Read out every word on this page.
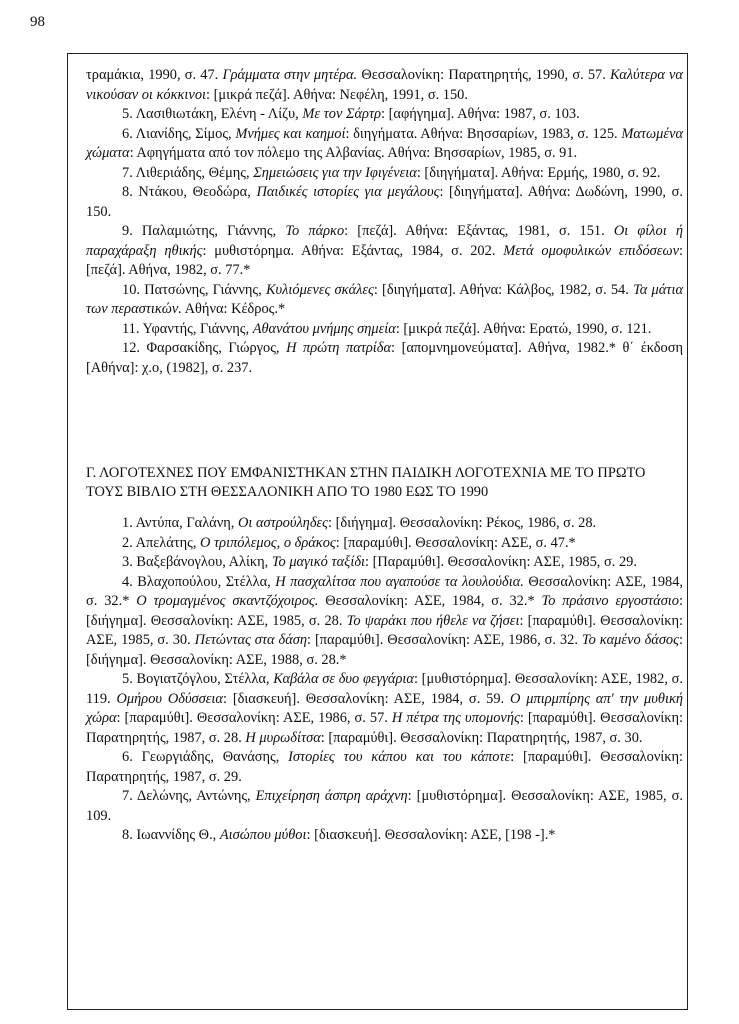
98

τραμάκια, 1990, σ. 47. Γράμματα στην μητέρα. Θεσσαλονίκη: Παρατηρητής, 1990, σ. 57. Καλύτερα να νικούσαν οι κόκκινοι: [μικρά πεζά]. Αθήνα: Νεφέλη, 1991, σ. 150.

5. Λασιθιωτάκη, Ελένη - Λίζυ, Με τον Σάρτρ: [αφήγημα]. Αθήνα: 1987, σ. 103.

6. Λιανίδης, Σίμος, Μνήμες και καημοί: διηγήματα. Αθήνα: Βησσαρίων, 1983, σ. 125. Ματωμένα χώματα: Αφηγήματα από τον πόλεμο της Αλβανίας. Αθήνα: Βησσαρίων, 1985, σ. 91.

7. Λιθεριάδης, Θέμης, Σημειώσεις για την Ιφιγένεια: [διηγήματα]. Αθήνα: Ερμής, 1980, σ. 92.

8. Ντάκου, Θεοδώρα, Παιδικές ιστορίες για μεγάλους: [διηγήματα]. Αθήνα: Δωδώνη, 1990, σ. 150.

9. Παλαμιώτης, Γιάννης, Το πάρκο: [πεζά]. Αθήνα: Εξάντας, 1981, σ. 151. Οι φίλοι ή παραχάραξη ηθικής: μυθιστόρημα. Αθήνα: Εξάντας, 1984, σ. 202. Μετά ομοφυλικών επιδόσεων: [πεζά]. Αθήνα, 1982, σ. 77.*

10. Πατσώνης, Γιάννης, Κυλιόμενες σκάλες: [διηγήματα]. Αθήνα: Κάλβος, 1982, σ. 54. Τα μάτια των περαστικών. Αθήνα: Κέδρος.*

11. Υφαντής, Γιάννης, Αθανάτου μνήμης σημεία: [μικρά πεζά]. Αθήνα: Ερατώ, 1990, σ. 121.

12. Φαρσακίδης, Γιώργος, Η πρώτη πατρίδα: [απομνημονεύματα]. Αθήνα, 1982.* θ΄ έκδοση [Αθήνα]: χ.ο, (1982], σ. 237.

Γ. ΛΟΓΟΤΕΧΝΕΣ ΠΟΥ ΕΜΦΑΝΙΣΤΗΚΑΝ ΣΤΗΝ ΠΑΙΔΙΚΗ ΛΟΓΟΤΕΧΝΙΑ ΜΕ ΤΟ ΠΡΩΤΟ ΤΟΥΣ ΒΙΒΛΙΟ ΣΤΗ ΘΕΣΣΑΛΟΝΙΚΗ ΑΠΟ ΤΟ 1980 ΕΩΣ ΤΟ 1990

1. Αντύπα, Γαλάνη, Οι αστρούληδες: [διήγημα]. Θεσσαλονίκη: Ρέκος, 1986, σ. 28.

2. Απελάτης, Ο τριπόλεμος, ο δράκος: [παραμύθι]. Θεσσαλονίκη: ΑΣΕ, σ. 47.*

3. Βαξεβάνογλου, Αλίκη, Το μαγικό ταξίδι: [Παραμύθι]. Θεσσαλονίκη: ΑΣΕ, 1985, σ. 29.

4. Βλαχοπούλου, Στέλλα, Η πασχαλίτσα που αγαπούσε τα λουλούδια. Θεσσαλονίκη: ΑΣΕ, 1984, σ. 32.* Ο τρομαγμένος σκαντζόχοιρος. Θεσσαλονίκη: ΑΣΕ, 1984, σ. 32.* Το πράσινο εργοστάσιο: [διήγημα]. Θεσσαλονίκη: ΑΣΕ, 1985, σ. 28. Το ψαράκι που ήθελε να ζήσει: [παραμύθι]. Θεσσαλονίκη: ΑΣΕ, 1985, σ. 30. Πετώντας στα δάση: [παραμύθι]. Θεσσαλονίκη: ΑΣΕ, 1986, σ. 32. Το καμένο δάσος: [διήγημα]. Θεσσαλονίκη: ΑΣΕ, 1988, σ. 28.*

5. Βογιατζόγλου, Στέλλα, Καβάλα σε δυο φεγγάρια: [μυθιστόρημα]. Θεσσαλονίκη: ΑΣΕ, 1982, σ. 119. Ομήρου Οδύσσεια: [διασκευή]. Θεσσαλονίκη: ΑΣΕ, 1984, σ. 59. Ο μπιρμπίρης απ' την μυθική χώρα: [παραμύθι]. Θεσσαλονίκη: ΑΣΕ, 1986, σ. 57. Η πέτρα της υπομονής: [παραμύθι]. Θεσσαλονίκη: Παρατηρητής, 1987, σ. 28. Η μυρωδίτσα: [παραμύθι]. Θεσσαλονίκη: Παρατηρητής, 1987, σ. 30.

6. Γεωργιάδης, Θανάσης, Ιστορίες του κάπου και του κάποτε: [παραμύθι]. Θεσσαλονίκη: Παρατηρητής, 1987, σ. 29.

7. Δελώνης, Αντώνης, Επιχείρηση άσπρη αράχνη: [μυθιστόρημα]. Θεσσαλονίκη: ΑΣΕ, 1985, σ. 109.

8. Ιωαννίδης Θ., Αισώπου μύθοι: [διασκευή]. Θεσσαλονίκη: ΑΣΕ, [198 -].*
